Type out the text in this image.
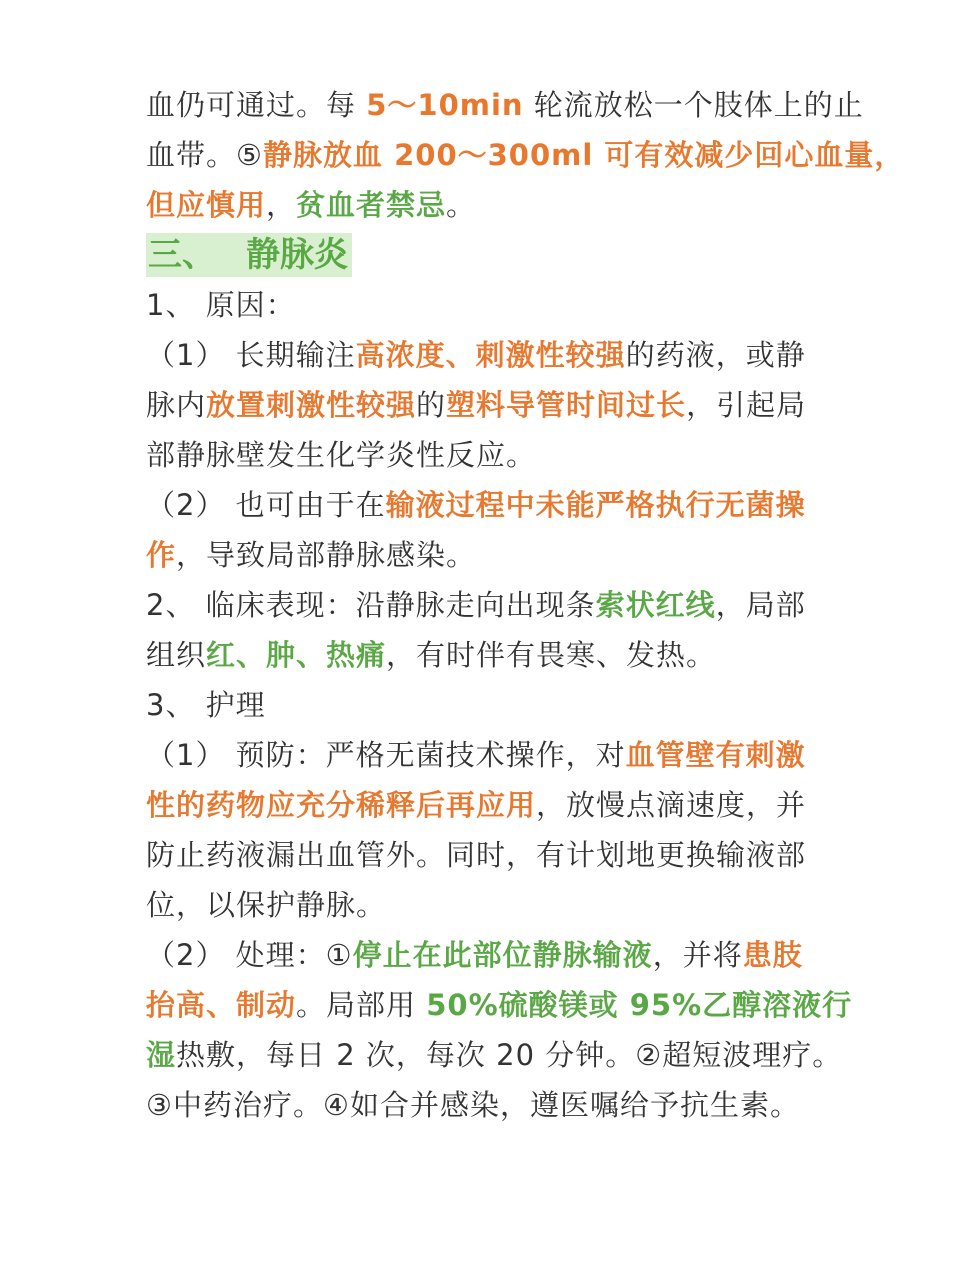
血仍可通过。每 5～10min 轮流放松一个肢体上的止
血带。⑤静脉放血 200～300ml 可有效减少回心血量，
但应慎用，贫血者禁忌。
三、 静脉炎
1、 原因：
（1） 长期输注高浓度、刺激性较强的药液，或静
脉内放置刺激性较强的塑料导管时间过长，引起局
部静脉壁发生化学炎性反应。
（2） 也可由于在输液过程中未能严格执行无菌操
作，导致局部静脉感染。
2、 临床表现：沿静脉走向出现条索状红线，局部
组织红、肿、热痛，有时伴有畏寒、发热。
3、 护理
（1） 预防：严格无菌技术操作，对血管壁有刺激
性的药物应充分稀释后再应用，放慢点滴速度，并
防止药液漏出血管外。同时，有计划地更换输液部
位，以保护静脉。
（2） 处理：①停止在此部位静脉输液，并将患肢
抬高、制动。局部用 50%硫酸镁或 95%乙醇溶液行
湿热敷，每日 2 次，每次 20 分钟。②超短波理疗。
③中药治疗。④如合并感染，遵医嘱给予抗生素。
